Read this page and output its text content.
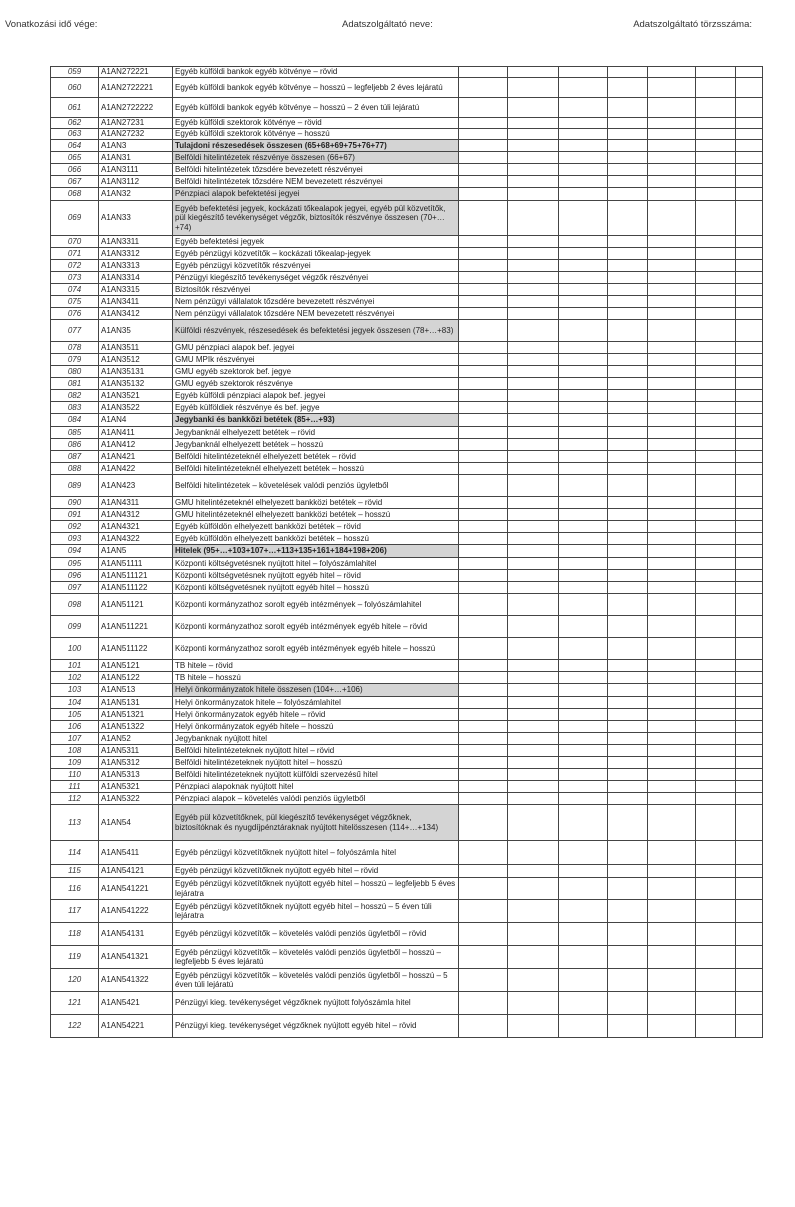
Vonatkozási idő vége:	Adatszolgáltató neve:	Adatszolgáltató törzsszáma:
059	A1AN272221	Egyéb külföldi bankok egyéb kötvénye – rövid							
060	A1AN2722221	Egyéb külföldi bankok egyéb kötvénye – hosszú – legfeljebb 2 éves lejáratú							
061	A1AN2722222	Egyéb külföldi bankok egyéb kötvénye – hosszú – 2 éven túli lejáratú							
062	A1AN27231	Egyéb külföldi szektorok kötvénye – rövid							
063	A1AN27232	Egyéb külföldi szektorok kötvénye – hosszú							
064	A1AN3	Tulajdoni részesedések összesen (65+68+69+75+76+77)							
065	A1AN31	Belföldi hitelintézetek részvénye összesen (66+67)							
066	A1AN3111	Belföldi hitelintézetek tőzsdére bevezetett részvényei							
067	A1AN3112	Belföldi hitelintézetek tőzsdére NEM bevezetett részvényei							
068	A1AN32	Pénzpiaci alapok befektetési jegyei							
069	A1AN33	Egyéb befektetési jegyek, kockázati tőkealapok jegyei, egyéb pül közvetítők, pül kiegészítő tevékenységet végzők, biztosítók részvénye összesen (70+…+74)							
070	A1AN3311	Egyéb befektetési jegyek							
071	A1AN3312	Egyéb pénzügyi közvetítők – kockázati tőkealap-jegyek							
072	A1AN3313	Egyéb pénzügyi közvetítők részvényei							
073	A1AN3314	Pénzügyi kiegészítő tevékenységet végzők részvényei							
074	A1AN3315	Biztosítók részvényei							
075	A1AN3411	Nem pénzügyi vállalatok tőzsdére bevezetett részvényei							
076	A1AN3412	Nem pénzügyi vállalatok tőzsdére NEM bevezetett részvényei							
077	A1AN35	Külföldi részvények, részesedések és befektetési jegyek összesen (78+…+83)							
078	A1AN3511	GMU pénzpiaci alapok bef. jegyei							
079	A1AN3512	GMU MPIk részvényei							
080	A1AN35131	GMU egyéb szektorok bef. jegye							
081	A1AN35132	GMU egyéb szektorok részvénye							
082	A1AN3521	Egyéb külföldi pénzpiaci alapok bef. jegyei							
083	A1AN3522	Egyéb külföldiek részvénye és bef. jegye							
084	A1AN4	Jegybanki és bankközi betétek (85+…+93)							
085	A1AN411	Jegybanknál elhelyezett betétek – rövid							
086	A1AN412	Jegybanknál elhelyezett betétek – hosszú							
087	A1AN421	Belföldi hitelintézeteknél elhelyezett betétek – rövid							
088	A1AN422	Belföldi hitelintézeteknél elhelyezett betétek – hosszú							
089	A1AN423	Belföldi hitelintézetek – követelések valódi penziós ügyletből							
090	A1AN4311	GMU hitelintézeteknél elhelyezett bankközi betétek – rövid							
091	A1AN4312	GMU hitelintézeteknél elhelyezett bankközi betétek – hosszú							
092	A1AN4321	Egyéb külföldön elhelyezett bankközi betétek – rövid							
093	A1AN4322	Egyéb külföldön elhelyezett bankközi betétek – hosszú							
094	A1AN5	Hitelek (95+…+103+107+…+113+135+161+184+198+206)							
095	A1AN51111	Központi költségvetésnek nyújtott hitel – folyószámlahitel							
096	A1AN511121	Központi költségvetésnek nyújtott egyéb hitel – rövid							
097	A1AN511122	Központi költségvetésnek nyújtott egyéb hitel – hosszú							
098	A1AN51121	Központi kormányzathoz sorolt egyéb intézmények – folyószámlahitel							
099	A1AN511221	Központi kormányzathoz sorolt egyéb intézmények egyéb hitele – rövid							
100	A1AN511122	Központi kormányzathoz sorolt egyéb intézmények egyéb hitele – hosszú							
101	A1AN5121	TB hitele – rövid							
102	A1AN5122	TB hitele – hosszú							
103	A1AN513	Helyi önkormányzatok hitele összesen (104+…+106)							
104	A1AN5131	Helyi önkormányzatok hitele – folyószámlahitel							
105	A1AN51321	Helyi önkormányzatok egyéb hitele – rövid							
106	A1AN51322	Helyi önkormányzatok egyéb hitele – hosszú							
107	A1AN52	Jegybanknak nyújtott hitel							
108	A1AN5311	Belföldi hitelintézeteknek nyújtott hitel – rövid							
109	A1AN5312	Belföldi hitelintézeteknek nyújtott hitel – hosszú							
110	A1AN5313	Belföldi hitelintézeteknek nyújtott külföldi szervezésű hitel							
111	A1AN5321	Pénzpiaci alapoknak nyújtott hitel							
112	A1AN5322	Pénzpiaci alapok – követelés valódi penziós ügyletből							
113	A1AN54	Egyéb pül közvetítőknek, pül kiegészítő tevékenységet végzőknek, biztosítóknak és nyugdíjpénztáraknak nyújtott hitelösszesen (114+…+134)							
114	A1AN5411	Egyéb pénzügyi közvetítőknek nyújtott hitel – folyószámla hitel							
115	A1AN54121	Egyéb pénzügyi közvetítőknek nyújtott egyéb hitel – rövid							
116	A1AN541221	Egyéb pénzügyi közvetítőknek nyújtott egyéb hitel – hosszú – legfeljebb 5 éves lejáratra							
117	A1AN541222	Egyéb pénzügyi közvetítőknek nyújtott egyéb hitel – hosszú – 5 éven túli lejáratra							
118	A1AN54131	Egyéb pénzügyi közvetítők – követelés valódi penziós ügyletből – rövid							
119	A1AN541321	Egyéb pénzügyi közvetítők – követelés valódi penziós ügyletből – hosszú – legfeljebb 5 éves lejáratú							
120	A1AN541322	Egyéb pénzügyi közvetítők – követelés valódi penziós ügyletből – hosszú – 5 éven túli lejáratú							
121	A1AN5421	Pénzügyi kieg. tevékenységet végzőknek nyújtott folyószámla hitel							
122	A1AN54221	Pénzügyi kieg. tevékenységet végzőknek nyújtott egyéb hitel – rövid							
